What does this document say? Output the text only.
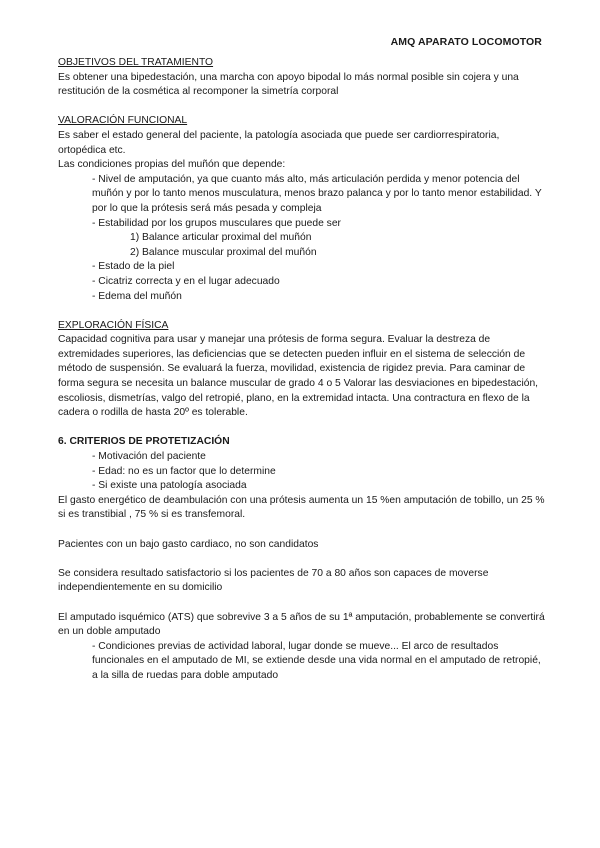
AMQ APARATO LOCOMOTOR

OBJETIVOS DEL TRATAMIENTO

Es obtener una bipedestación, una marcha con apoyo bipodal lo más normal posible sin cojera y una restitución de la cosmética al recomponer la simetría corporal

VALORACIÓN FUNCIONAL

Es saber el estado general del paciente, la patología asociada que puede ser cardiorrespiratoria, ortopédica etc.

Las condiciones propias del muñón que depende:

- Nivel de amputación, ya que cuanto más alto, más articulación perdida y menor potencia del muñón y por lo tanto menos musculatura, menos brazo palanca y por lo tanto menor estabilidad. Y por lo que la prótesis será más pesada y compleja

- Estabilidad por los grupos musculares que puede ser

1) Balance articular proximal del muñón

2) Balance muscular proximal del muñón

- Estado de la piel

- Cicatriz correcta y en el lugar adecuado

- Edema del muñón

EXPLORACIÓN FÍSICA

Capacidad cognitiva para usar y manejar una prótesis de forma segura. Evaluar la destreza de extremidades superiores, las deficiencias que se detecten pueden influir en el sistema de selección de método de suspensión. Se evaluará la fuerza, movilidad, existencia de rigidez previa. Para caminar de forma segura se necesita un balance muscular de grado 4 o 5 Valorar las desviaciones en bipedestación, escoliosis, dismetrías, valgo del retropié, plano, en la extremidad intacta. Una contractura en flexo de la cadera o rodilla de hasta 20º es tolerable.

6. CRITERIOS DE PROTETIZACIÓN

- Motivación del paciente

- Edad: no es un factor que lo determine

- Si existe una patología asociada

El gasto energético de deambulación con una prótesis aumenta un 15 %en amputación de tobillo, un 25 % si es transtibial , 75 % si es transfemoral.

Pacientes con un bajo gasto cardiaco, no son candidatos

Se considera resultado satisfactorio si los pacientes de 70 a 80 años son capaces de moverse independientemente en su domicilio

El amputado isquémico (ATS) que sobrevive 3 a 5 años de su 1ª amputación, probablemente se convertirá en un doble amputado

- Condiciones previas de actividad laboral, lugar donde se mueve... El arco de resultados funcionales en el amputado de MI, se extiende desde una vida normal en el amputado de retropié, a la silla de ruedas para doble amputado
